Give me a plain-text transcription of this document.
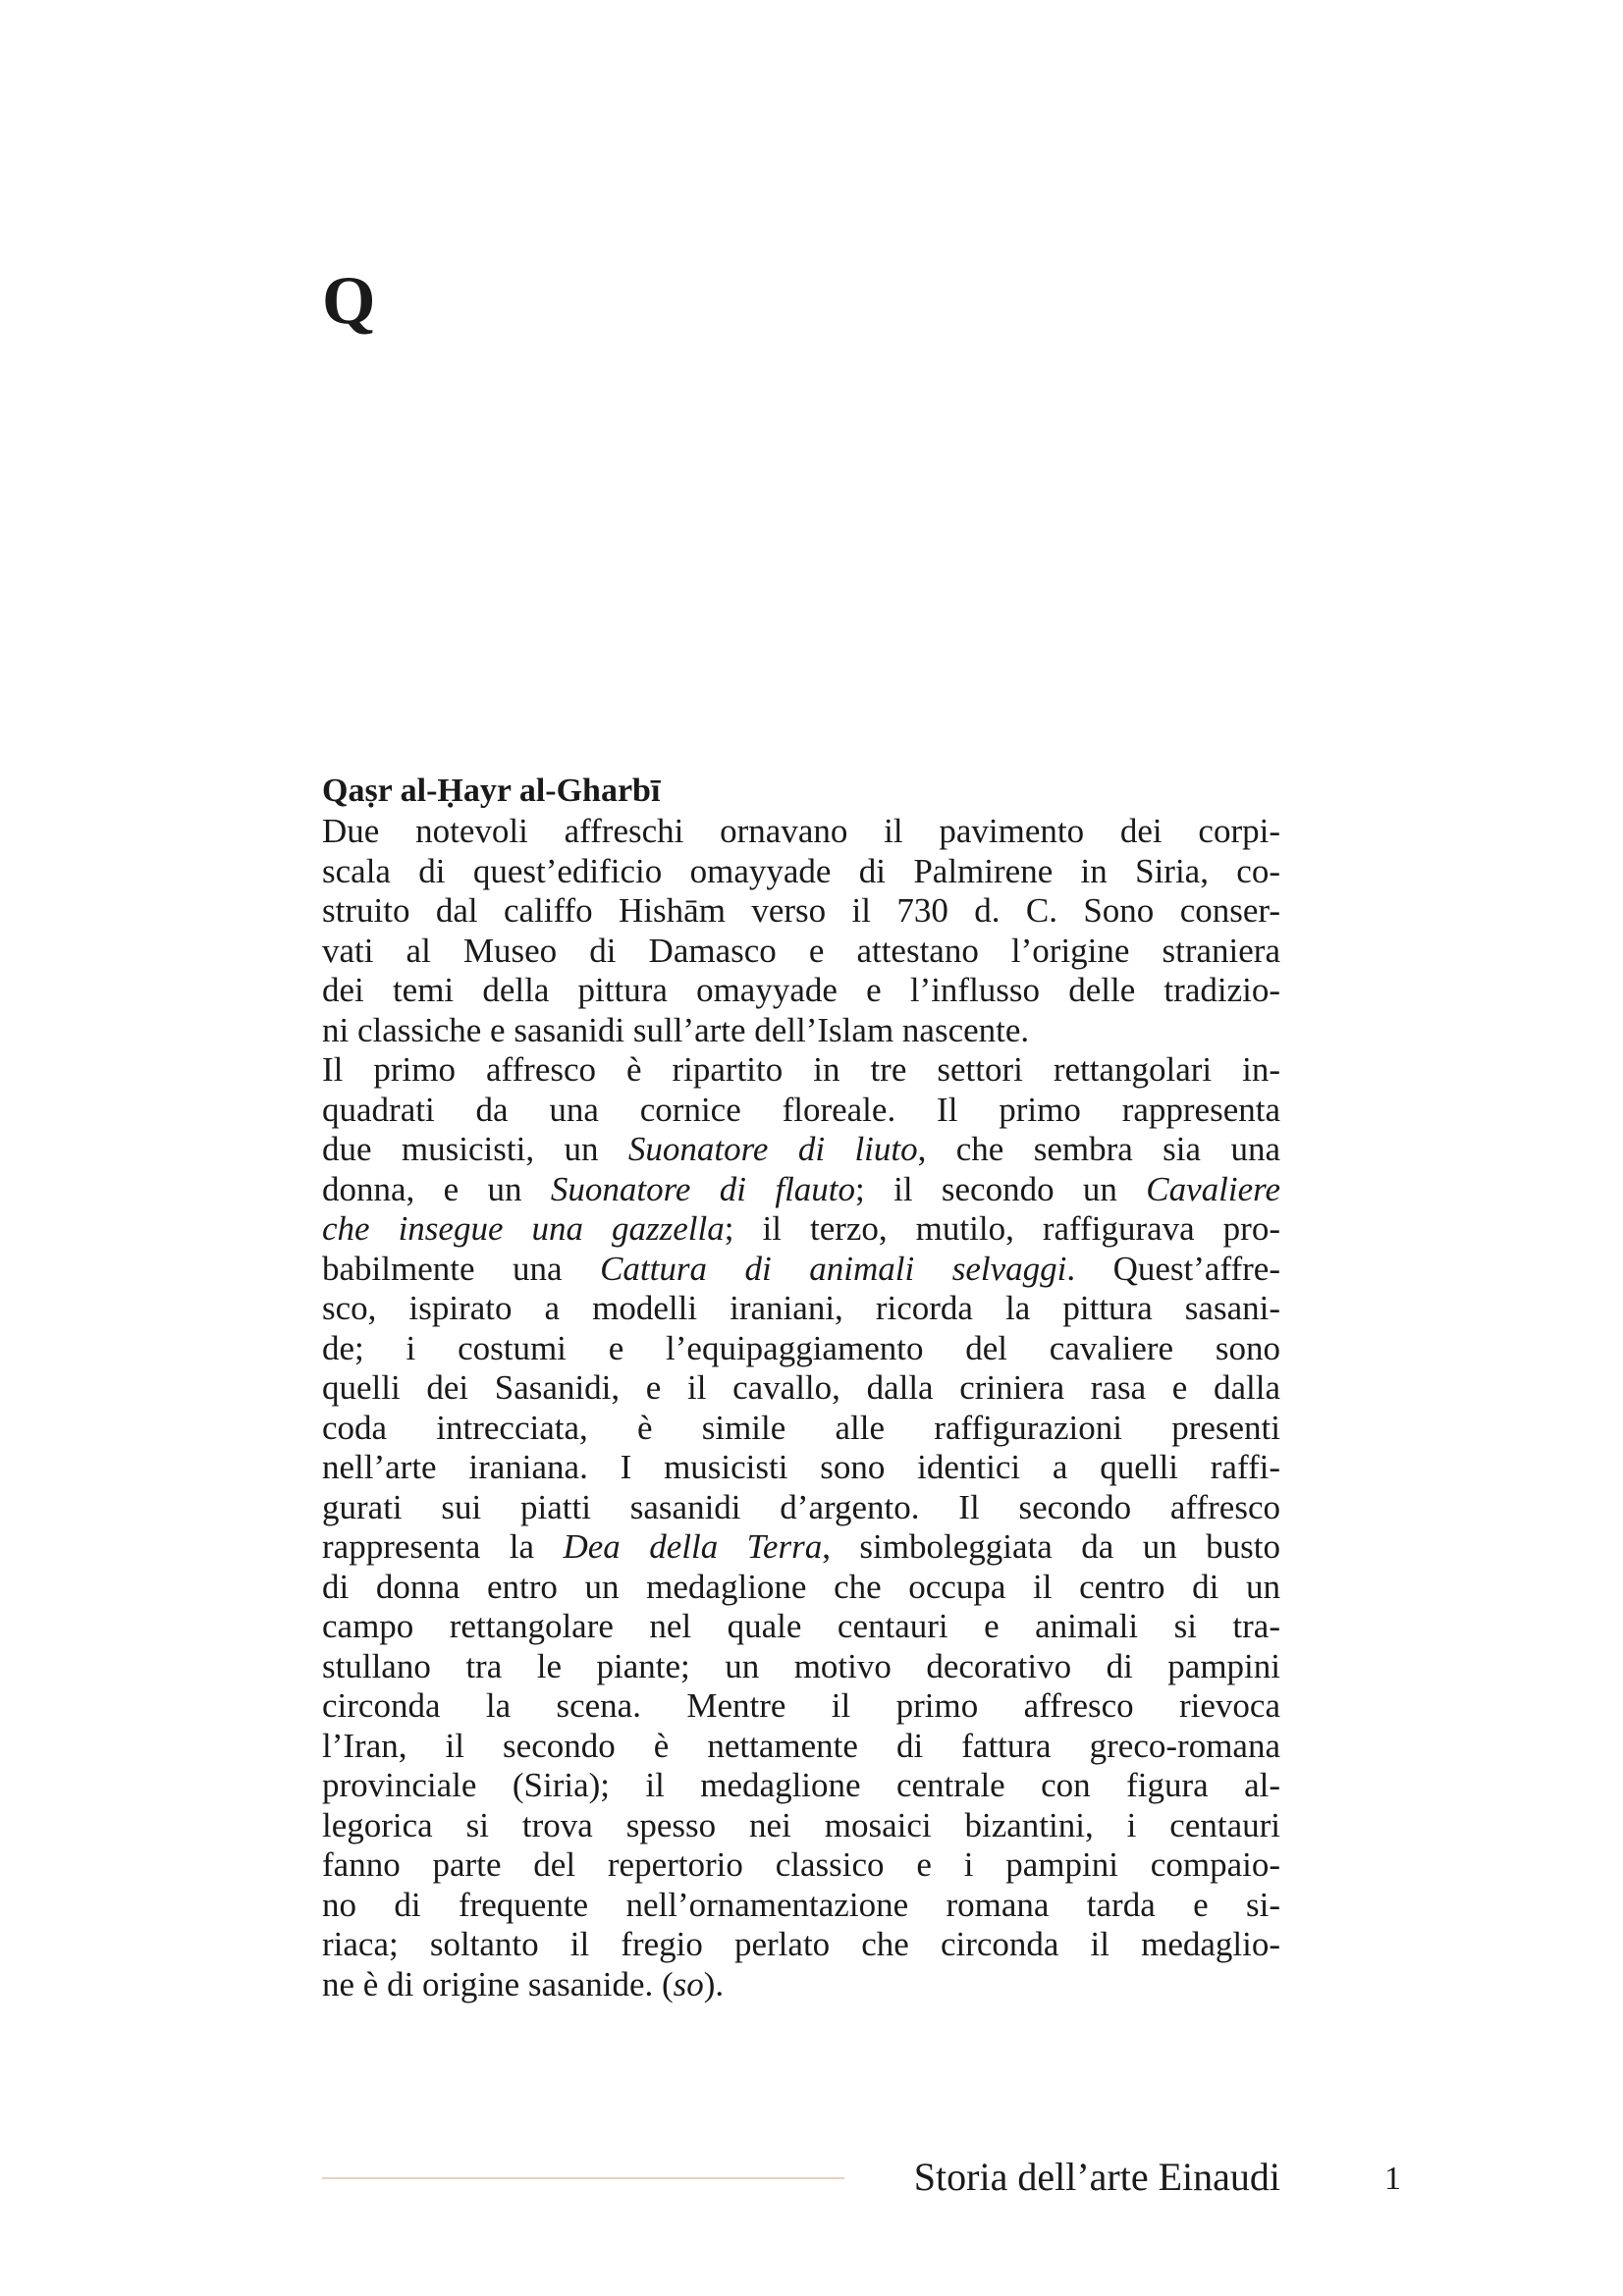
Q
Qaṣr al-Ḥayr al-Gharbī
Due notevoli affreschi ornavano il pavimento dei corpi-
scala di quest’edificio omayyade di Palmirene in Siria, co-
struito dal califfo Hishām verso il 730 d. C. Sono conser-
vati al Museo di Damasco e attestano l’origine straniera
dei temi della pittura omayyade e l’influsso delle tradizio-
ni classiche e sasanidi sull’arte dell’Islam nascente.
Il primo affresco è ripartito in tre settori rettangolari in-
quadrati da una cornice floreale. Il primo rappresenta
due musicisti, un Suonatore di liuto, che sembra sia una
donna, e un Suonatore di flauto; il secondo un Cavaliere
che insegue una gazzella; il terzo, mutilo, raffigurava pro-
babilmente una Cattura di animali selvaggi. Quest’affre-
sco, ispirato a modelli iraniani, ricorda la pittura sasani-
de; i costumi e l’equipaggiamento del cavaliere sono
quelli dei Sasanidi, e il cavallo, dalla criniera rasa e dalla
coda intrecciata, è simile alle raffigurazioni presenti
nell’arte iraniana. I musicisti sono identici a quelli raffi-
gurati sui piatti sasanidi d’argento. Il secondo affresco
rappresenta la Dea della Terra, simboleggiata da un busto
di donna entro un medaglione che occupa il centro di un
campo rettangolare nel quale centauri e animali si tra-
stullano tra le piante; un motivo decorativo di pampini
circonda la scena. Mentre il primo affresco rievoca
l’Iran, il secondo è nettamente di fattura greco-romana
provinciale (Siria); il medaglione centrale con figura al-
legorica si trova spesso nei mosaici bizantini, i centauri
fanno parte del repertorio classico e i pampini compaio-
no di frequente nell’ornamentazione romana tarda e si-
riaca; soltanto il fregio perlato che circonda il medaglio-
ne è di origine sasanide. (so).
Storia dell’arte Einaudi	1
